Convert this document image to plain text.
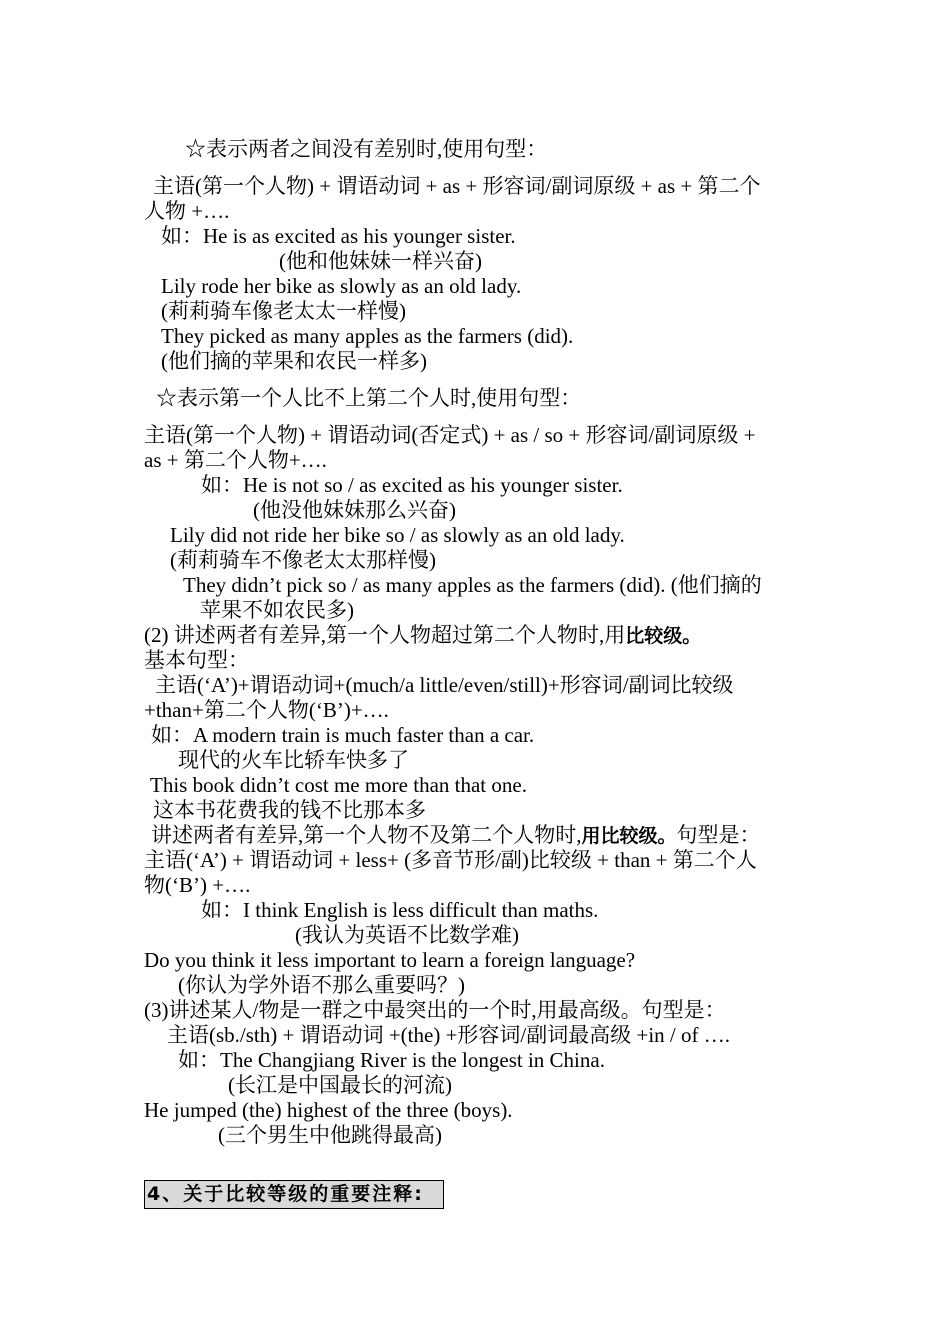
☆表示两者之间没有差别时,使用句型：
主语(第一个人物) + 谓语动词 + as + 形容词/副词原级 + as + 第二个
人物 +….
如：He is as excited as his younger sister.
(他和他妹妹一样兴奋)
Lily rode her bike as slowly as an old lady.
(莉莉骑车像老太太一样慢)
They picked as many apples as the farmers (did).
(他们摘的苹果和农民一样多)
☆表示第一个人比不上第二个人时,使用句型：
主语(第一个人物) + 谓语动词(否定式) + as / so + 形容词/副词原级 +
as + 第二个人物+….
如：He is not so / as excited as his younger sister.
(他没他妹妹那么兴奋)
Lily did not ride her bike so / as slowly as an old lady.
(莉莉骑车不像老太太那样慢)
They didn’t pick so / as many apples as the farmers (did). (他们摘的
苹果不如农民多)
(2) 讲述两者有差异,第一个人物超过第二个人物时,用比较级。
基本句型：
主语(‘A’)+谓语动词+(much/a little/even/still)+形容词/副词比较级
+than+第二个人物(‘B’)+….
如：A modern train is much faster than a car.
现代的火车比轿车快多了
This book didn’t cost me more than that one.
这本书花费我的钱不比那本多
讲述两者有差异,第一个人物不及第二个人物时,用比较级。句型是：
主语(‘A’) + 谓语动词 + less+ (多音节形/副)比较级 + than + 第二个人
物(‘B’) +….
如：I think English is less difficult than maths.
(我认为英语不比数学难)
Do you think it less important to learn a foreign language?
(你认为学外语不那么重要吗？)
(3)讲述某人/物是一群之中最突出的一个时,用最高级。句型是：
主语(sb./sth) + 谓语动词 +(the) +形容词/副词最高级 +in / of ….
如：The Changjiang River is the longest in China.
(长江是中国最长的河流)
He jumped (the) highest of the three (boys).
(三个男生中他跳得最高)
4、关于比较等级的重要注释:
